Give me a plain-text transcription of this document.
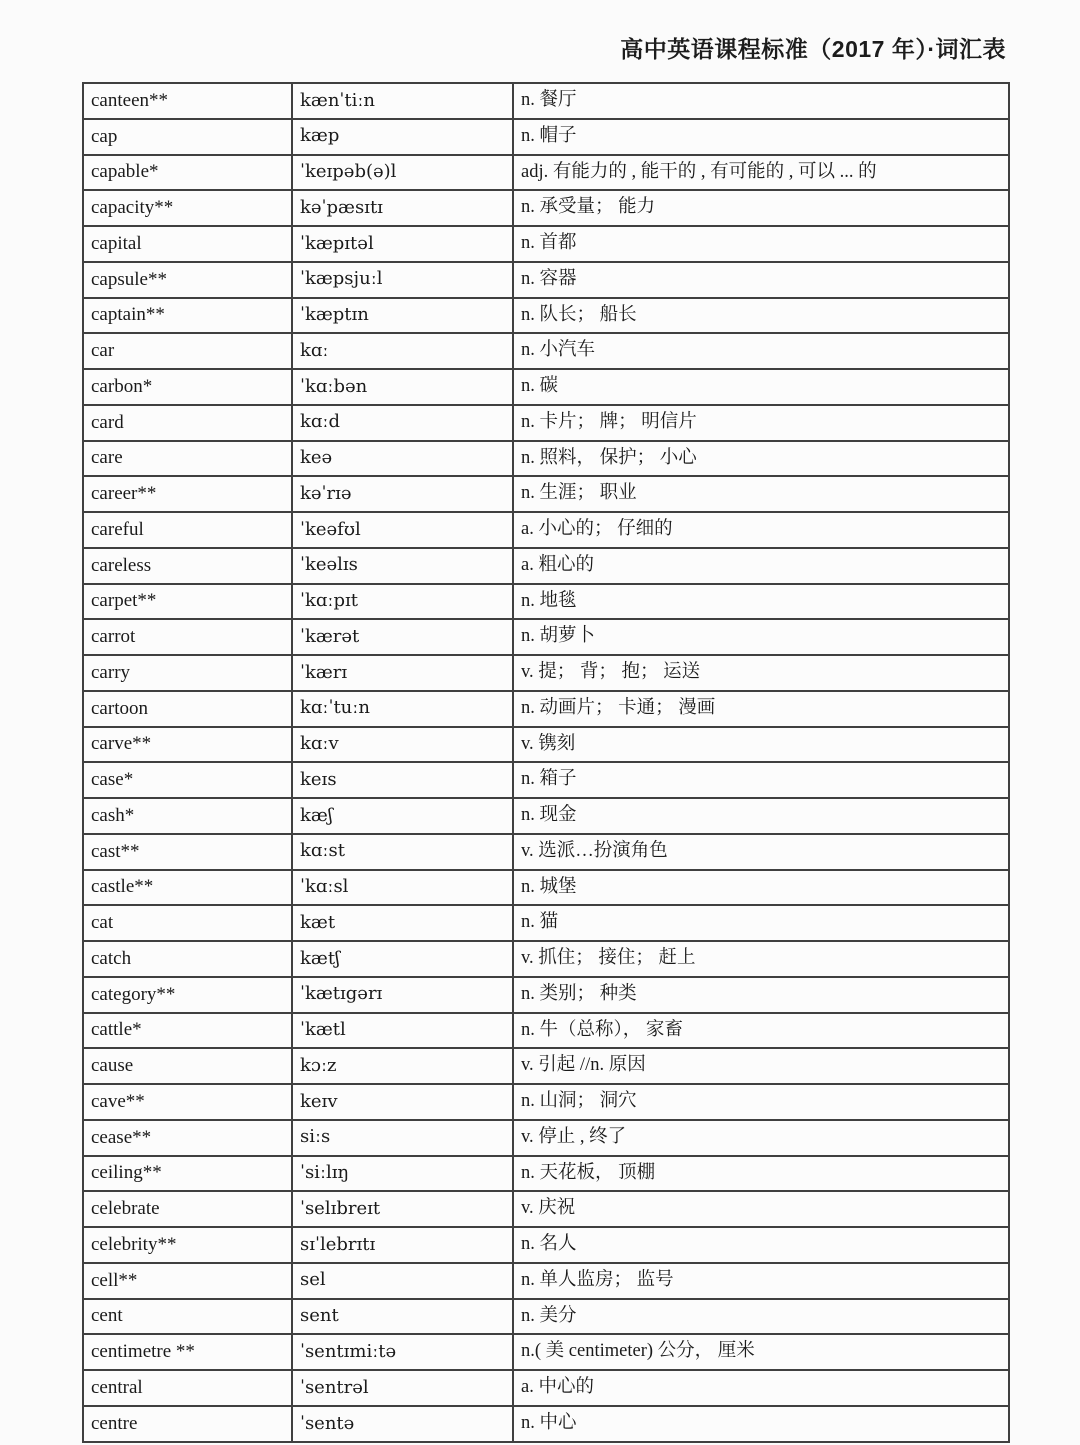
高中英语课程标准（2017 年）·词汇表
canteen**	kænˈtiːn	n. 餐厅
cap	kæp	n. 帽子
capable*	ˈkeɪpəb(ə)l	adj. 有能力的 , 能干的 , 有可能的 , 可以 ... 的
capacity**	kəˈpæsɪtɪ	n. 承受量； 能力
capital	ˈkæpɪtəl	n. 首都
capsule**	ˈkæpsjuːl	n. 容器
captain**	ˈkæptɪn	n. 队长； 船长
car	kɑː	n. 小汽车
carbon*	ˈkɑːbən	n. 碳
card	kɑːd	n. 卡片； 牌； 明信片
care	keə	n. 照料， 保护； 小心
career**	kəˈrɪə	n. 生涯； 职业
careful	ˈkeəfʊl	a. 小心的； 仔细的
careless	ˈkeəlɪs	a. 粗心的
carpet**	ˈkɑːpɪt	n. 地毯
carrot	ˈkærət	n. 胡萝卜
carry	ˈkærɪ	v. 提； 背； 抱； 运送
cartoon	kɑːˈtuːn	n. 动画片； 卡通； 漫画
carve**	kɑːv	v. 镌刻
case*	keɪs	n. 箱子
cash*	kæʃ	n. 现金
cast**	kɑːst	v. 选派…扮演角色
castle**	ˈkɑːsl	n. 城堡
cat	kæt	n. 猫
catch	kætʃ	v. 抓住； 接住； 赶上
category**	ˈkætɪgərɪ	n. 类别； 种类
cattle*	ˈkætl	n. 牛（总称）， 家畜
cause	kɔːz	v. 引起 //n. 原因
cave**	keɪv	n. 山洞； 洞穴
cease**	siːs	v. 停止 , 终了
ceiling**	ˈsiːlɪŋ	n. 天花板， 顶棚
celebrate	ˈselɪbreɪt	v. 庆祝
celebrity**	sɪˈlebrɪtɪ	n. 名人
cell**	sel	n. 单人监房； 监号
cent	sent	n. 美分
centimetre **	ˈsentɪmiːtə	n.( 美 centimeter) 公分， 厘米
central	ˈsentrəl	a. 中心的
centre	ˈsentə	n. 中心
